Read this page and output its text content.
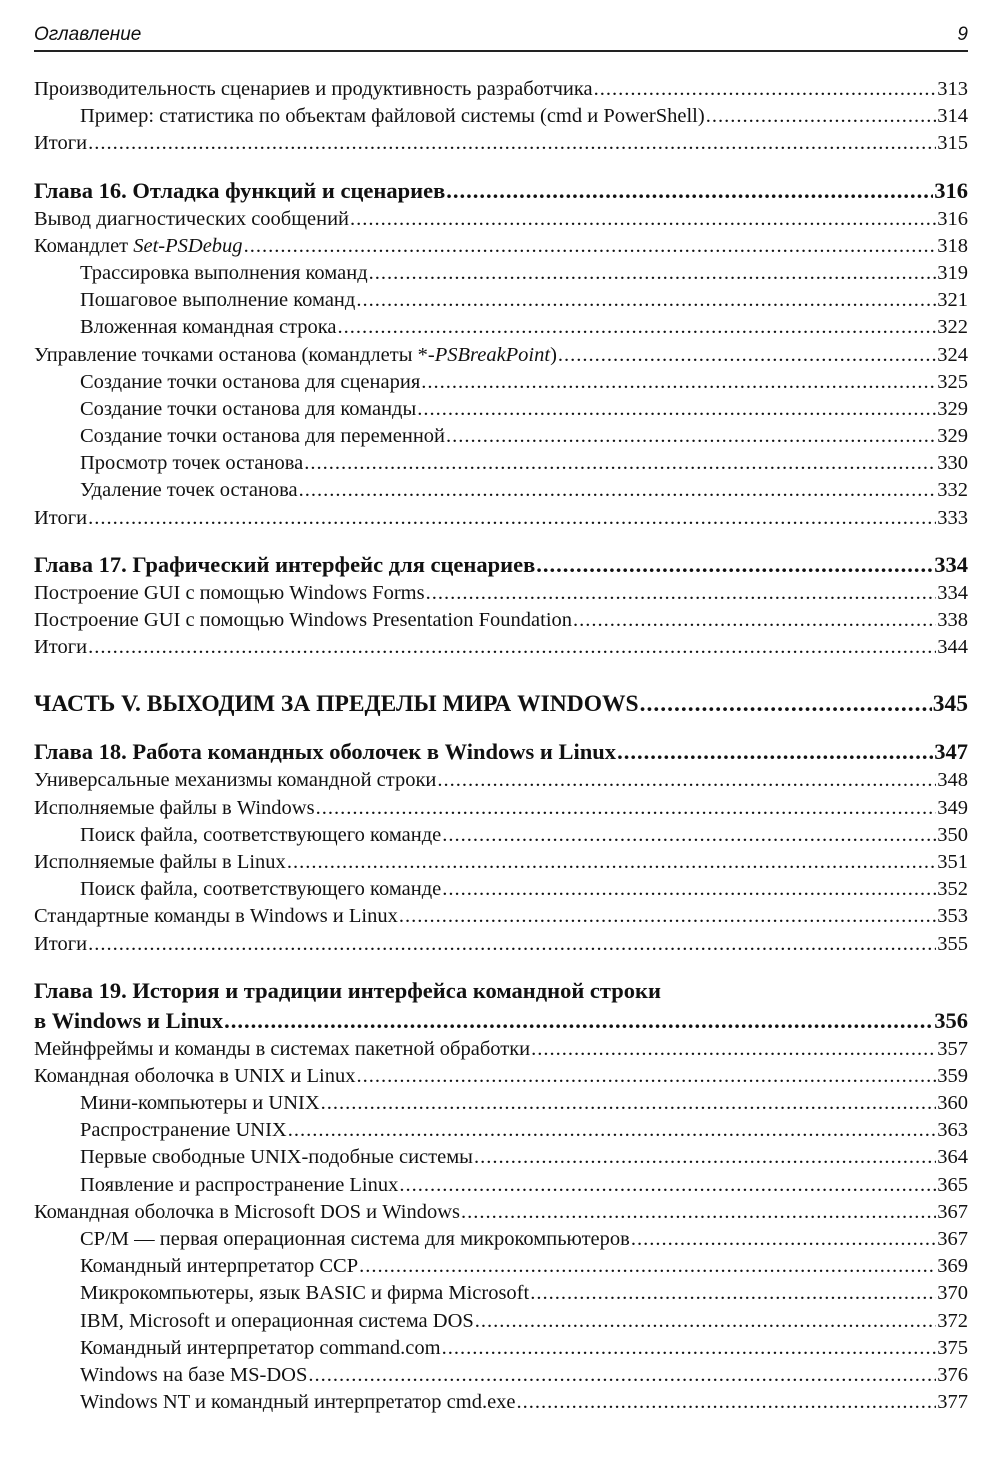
Оглавление	9
Производительность сценариев и продуктивность разработчика .....	313
Пример: статистика по объектам файловой системы (cmd и PowerShell) .....	314
Итоги .....	315
Глава 16. Отладка функций и сценариев .....	316
Вывод диагностических сообщений .....	316
Командлет Set-PSDebug .....	318
Трассировка выполнения команд .....	319
Пошаговое выполнение команд .....	321
Вложенная командная строка .....	322
Управление точками останова (командлеты *-PSBreakPoint) .....	324
Создание точки останова для сценария .....	325
Создание точки останова для команды .....	329
Создание точки останова для переменной .....	329
Просмотр точек останова .....	330
Удаление точек останова .....	332
Итоги .....	333
Глава 17. Графический интерфейс для сценариев .....	334
Построение GUI с помощью Windows Forms .....	334
Построение GUI с помощью Windows Presentation Foundation .....	338
Итоги .....	344
ЧАСТЬ V. ВЫХОДИМ ЗА ПРЕДЕЛЫ МИРА WINDOWS .....	345
Глава 18. Работа командных оболочек в Windows и Linux .....	347
Универсальные механизмы командной строки .....	348
Исполняемые файлы в Windows .....	349
Поиск файла, соответствующего команде .....	350
Исполняемые файлы в Linux .....	351
Поиск файла, соответствующего команде .....	352
Стандартные команды в Windows и Linux .....	353
Итоги .....	355
Глава 19. История и традиции интерфейса командной строки
в Windows и Linux .....	356
Мейнфреймы и команды в системах пакетной обработки .....	357
Командная оболочка в UNIX и Linux .....	359
Мини-компьютеры и UNIX .....	360
Распространение UNIX .....	363
Первые свободные UNIX-подобные системы .....	364
Появление и распространение Linux .....	365
Командная оболочка в Microsoft DOS и Windows .....	367
CP/M — первая операционная система для микрокомпьютеров .....	367
Командный интерпретатор CCP .....	369
Микрокомпьютеры, язык BASIC и фирма Microsoft .....	370
IBM, Microsoft и операционная система DOS .....	372
Командный интерпретатор command.com .....	375
Windows на базе MS-DOS .....	376
Windows NT и командный интерпретатор cmd.exe .....	377
